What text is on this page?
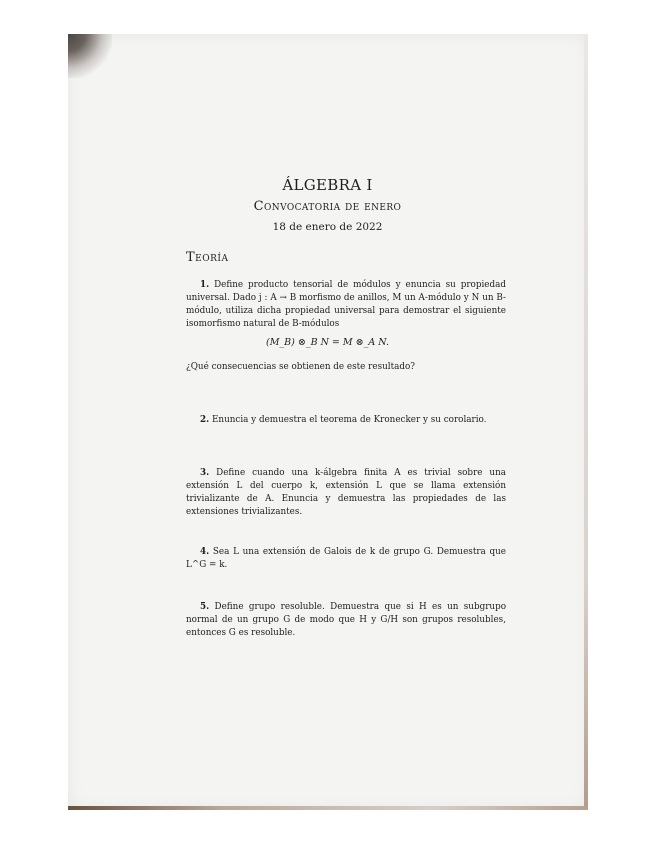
ÁLGEBRA I
Convocatoria de enero
18 de enero de 2022
Teoría
1. Define producto tensorial de módulos y enuncia su propiedad universal. Dado j : A → B morfismo de anillos, M un A-módulo y N un B-módulo, utiliza dicha propiedad universal para demostrar el siguiente isomorfismo natural de B-módulos
(M_B) ⊗_B N = M ⊗_A N.
¿Qué consecuencias se obtienen de este resultado?
2. Enuncia y demuestra el teorema de Kronecker y su corolario.
3. Define cuando una k-álgebra finita A es trivial sobre una extensión L del cuerpo k, extensión L que se llama extensión trivializante de A. Enuncia y demuestra las propiedades de las extensiones trivializantes.
4. Sea L una extensión de Galois de k de grupo G. Demuestra que L^G = k.
5. Define grupo resoluble. Demuestra que si H es un subgrupo normal de un grupo G de modo que H y G/H son grupos resolubles, entonces G es resoluble.
